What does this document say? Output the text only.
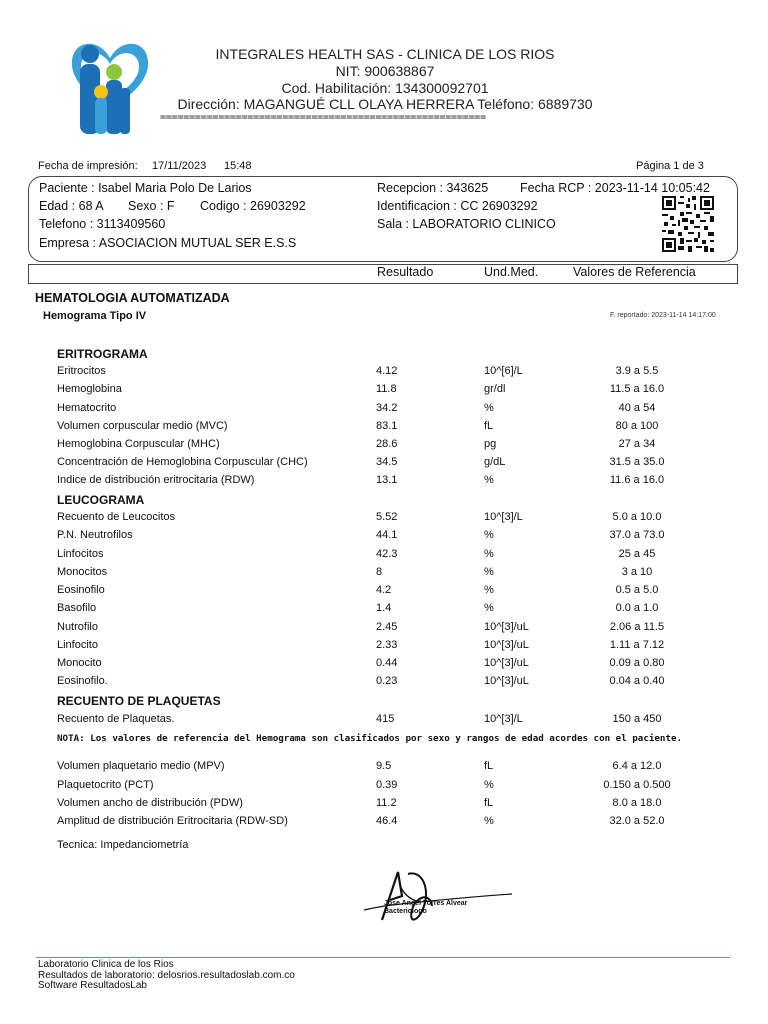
INTEGRALES HEALTH SAS - CLINICA DE LOS RIOS
NIT: 900638867
Cod. Habilitación: 134300092701
Dirección: MAGANGUÉ CLL OLAYA HERRERA Teléfono: 6889730
========================================================
Fecha de impresión: 17/11/2023 15:48	Página 1 de 3
Paciente : Isabel Maria Polo De Larios
Edad : 68 A Sexo : F Codigo : 26903292
Telefono : 3113409560
Empresa : ASOCIACION MUTUAL SER E.S.S
Recepcion : 343625	Fecha RCP : 2023-11-14 10:05:42
Identificacion : CC 26903292
Sala : LABORATORIO CLINICO
Resultado	Und.Med.	Valores de Referencia
HEMATOLOGIA AUTOMATIZADA
Hemograma Tipo IV	F. reportado: 2023-11-14 14:17:00
ERITROGRAMA
Eritrocitos	4.12	10^[6]/L	3.9 a 5.5
Hemoglobina	11.8	gr/dl	11.5 a 16.0
Hematocrito	34.2	%	40 a 54
Volumen corpuscular medio (MVC)	83.1	fL	80 a 100
Hemoglobina Corpuscular (MHC)	28.6	pg	27 a 34
Concentración de Hemoglobina Corpuscular (CHC)	34.5	g/dL	31.5 a 35.0
Indice de distribución eritrocitaria (RDW)	13.1	%	11.6 a 16.0
LEUCOGRAMA
Recuento de Leucocitos	5.52	10^[3]/L	5.0 a 10.0
P.N. Neutrofilos	44.1	%	37.0 a 73.0
Linfocitos	42.3	%	25 a 45
Monocitos	8	%	3 a 10
Eosinofilo	4.2	%	0.5 a 5.0
Basofilo	1.4	%	0.0 a 1.0
Nutrofilo	2.45	10^[3]/uL	2.06 a 11.5
Linfocito	2.33	10^[3]/uL	1.11 a 7.12
Monocito	0.44	10^[3]/uL	0.09 a 0.80
Eosinofilo.	0.23	10^[3]/uL	0.04 a 0.40
RECUENTO DE PLAQUETAS
Recuento de Plaquetas.	415	10^[3]/L	150 a 450
NOTA: Los valores de referencia del Hemograma son clasificados por sexo y rangos de edad acordes con el paciente.
Volumen plaquetario medio (MPV)	9.5	fL	6.4 a 12.0
Plaquetocrito (PCT)	0.39	%	0.150 a 0.500
Volumen ancho de distribución (PDW)	11.2	fL	8.0 a 18.0
Amplitud de distribución Eritrocitaria (RDW-SD)	46.4	%	32.0 a 52.0
Tecnica: Impedanciometría
Jose Angel Torres Alvear
Bacteriologo
Laboratorio Clinica de los Rios
Resultados de laboratorio: delosrios.resultadoslab.com.co
Software ResultadosLab
